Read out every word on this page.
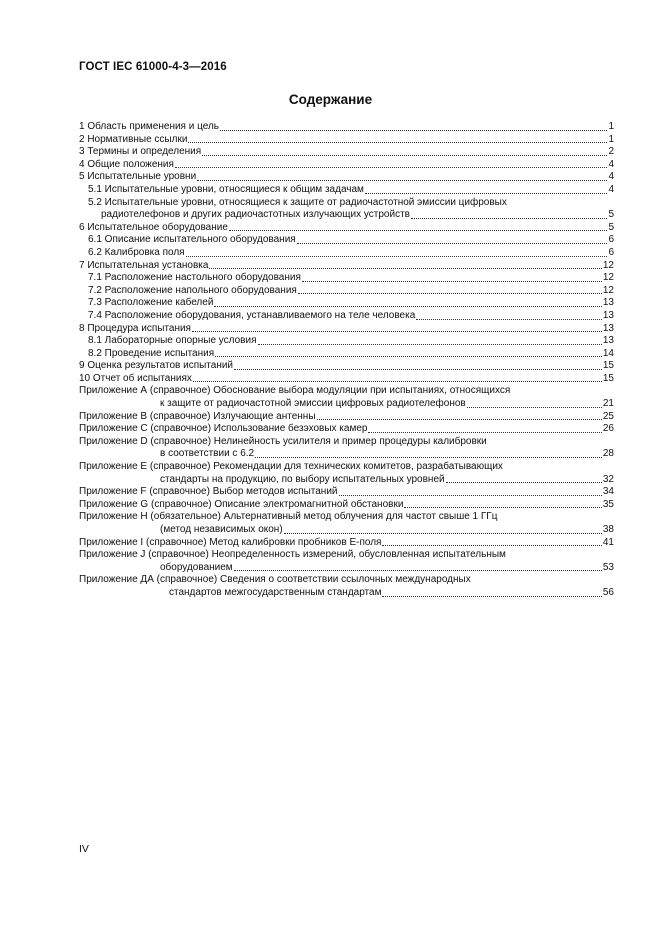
ГОСТ IEC 61000-4-3—2016
Содержание
1 Область применения и цель	1
2 Нормативные ссылки	1
3 Термины и определения	2
4 Общие положения	4
5 Испытательные уровни	4
5.1 Испытательные уровни, относящиеся к общим задачам	4
5.2 Испытательные уровни, относящиеся к защите от радиочастотной эмиссии цифровых
радиотелефонов и других радиочастотных излучающих устройств	5
6 Испытательное оборудование	5
6.1 Описание испытательного оборудования	6
6.2 Калибровка поля	6
7 Испытательная установка	12
7.1 Расположение настольного оборудования	12
7.2 Расположение напольного оборудования	12
7.3 Расположение кабелей	13
7.4 Расположение оборудования, устанавливаемого на теле человека	13
8 Процедура испытания	13
8.1 Лабораторные опорные условия	13
8.2 Проведение испытания	14
9 Оценка результатов испытаний	15
10 Отчет об испытаниях	15
Приложение А (справочное) Обоснование выбора модуляции при испытаниях, относящихся
к защите от радиочастотной эмиссии цифровых радиотелефонов	21
Приложение В (справочное) Излучающие антенны	25
Приложение С (справочное) Использование безэховых камер	26
Приложение D (справочное) Нелинейность усилителя и пример процедуры калибровки
в соответствии с 6.2	28
Приложение Е (справочное) Рекомендации для технических комитетов, разрабатывающих
стандарты на продукцию, по выбору испытательных уровней	32
Приложение F (справочное) Выбор методов испытаний	34
Приложение G (справочное) Описание электромагнитной обстановки	35
Приложение Н (обязательное) Альтернативный метод облучения для частот свыше 1 ГГц
(метод независимых окон)	38
Приложение I (справочное) Метод калибровки пробников Е-поля	41
Приложение J (справочное) Неопределенность измерений, обусловленная испытательным
оборудованием	53
Приложение ДА (справочное) Сведения о соответствии ссылочных международных
стандартов межгосударственным стандартам	56
IV
